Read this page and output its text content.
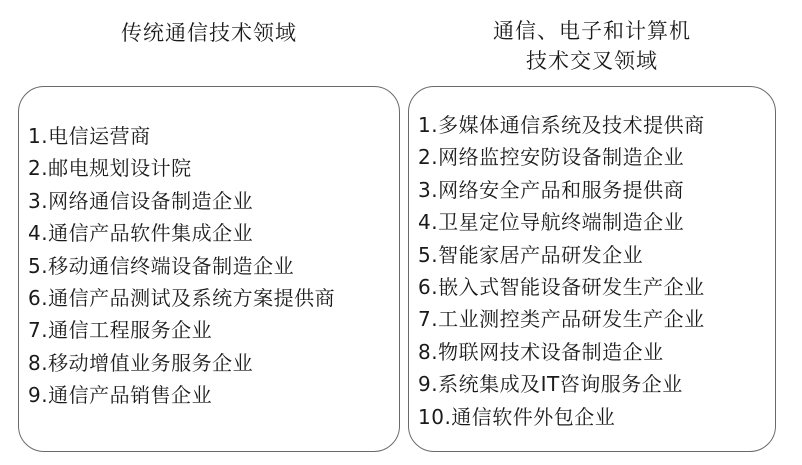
传统通信技术领域
1.电信运营商
2.邮电规划设计院
3.网络通信设备制造企业
4.通信产品软件集成企业
5.移动通信终端设备制造企业
6.通信产品测试及系统方案提供商
7.通信工程服务企业
8.移动增值业务服务企业
9.通信产品销售企业
通信、电子和计算机
技术交叉领域
1.多媒体通信系统及技术提供商
2.网络监控安防设备制造企业
3.网络安全产品和服务提供商
4.卫星定位导航终端制造企业
5.智能家居产品研发企业
6.嵌入式智能设备研发生产企业
7.工业测控类产品研发生产企业
8.物联网技术设备制造企业
9.系统集成及IT咨询服务企业
10.通信软件外包企业
